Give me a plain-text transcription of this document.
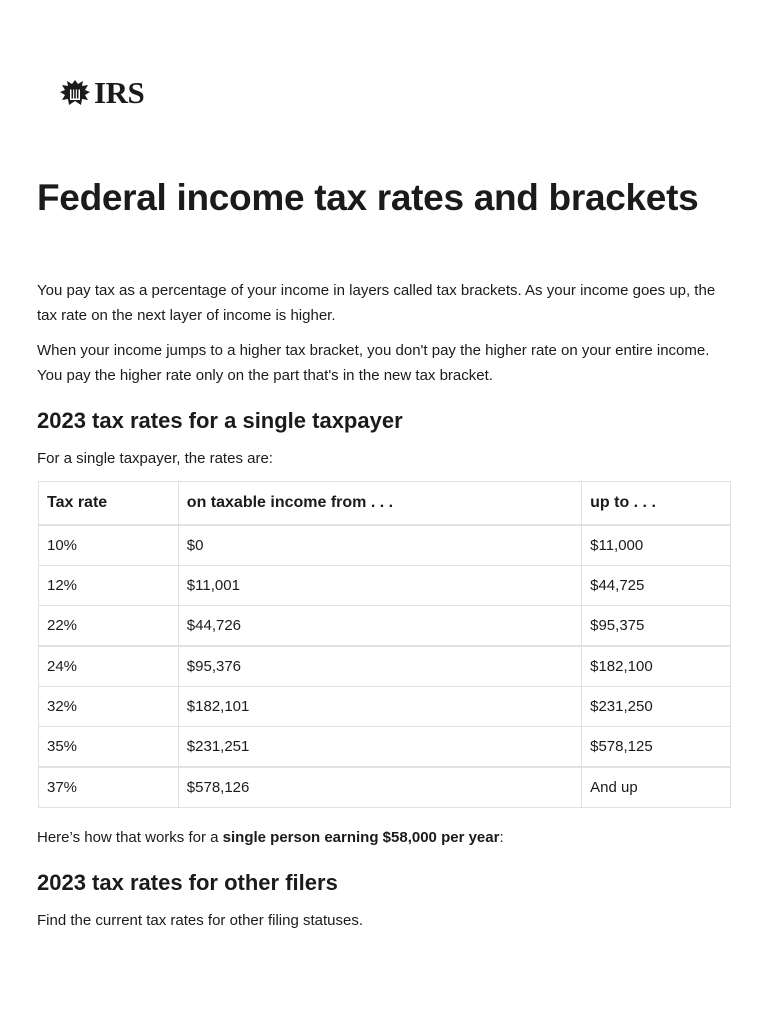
IRS
Federal income tax rates and brackets

You pay tax as a percentage of your income in layers called tax brackets. As your income goes up, the tax rate on the next layer of income is higher.

When your income jumps to a higher tax bracket, you don't pay the higher rate on your entire income. You pay the higher rate only on the part that's in the new tax bracket.

2023 tax rates for a single taxpayer

For a single taxpayer, the rates are:

Tax rate	on taxable income from . . .	up to . . .
10%	$0	$11,000
12%	$11,001	$44,725
22%	$44,726	$95,375
24%	$95,376	$182,100
32%	$182,101	$231,250
35%	$231,251	$578,125
37%	$578,126	And up

Here’s how that works for a single person earning $58,000 per year:

2023 tax rates for other filers

Find the current tax rates for other filing statuses.
